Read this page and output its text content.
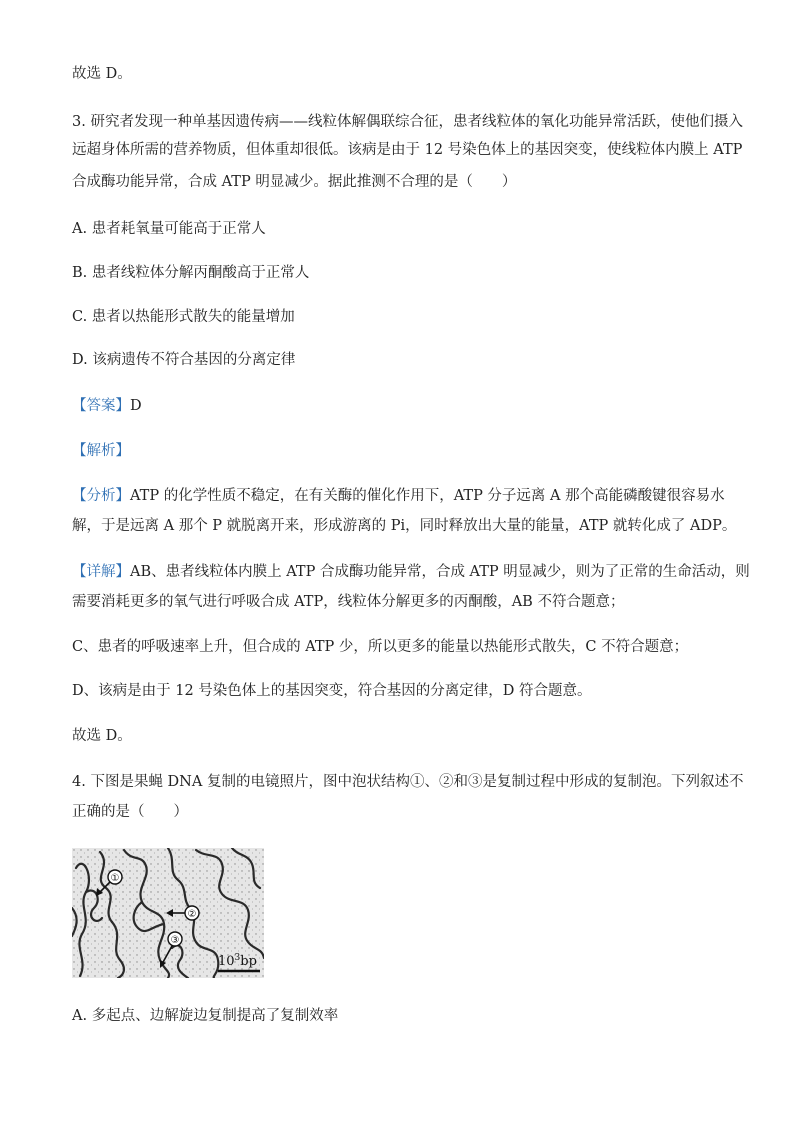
故选 D。
3. 研究者发现一种单基因遗传病——线粒体解偶联综合征，患者线粒体的氧化功能异常活跃，使他们摄入
远超身体所需的营养物质，但体重却很低。该病是由于 12 号染色体上的基因突变，使线粒体内膜上 ATP
合成酶功能异常，合成 ATP 明显减少。据此推测不合理的是（　　）
A. 患者耗氧量可能高于正常人
B. 患者线粒体分解丙酮酸高于正常人
C. 患者以热能形式散失的能量增加
D. 该病遗传不符合基因的分离定律
【答案】D
【解析】
【分析】ATP 的化学性质不稳定，在有关酶的催化作用下，ATP 分子远离 A 那个高能磷酸键很容易水
解，于是远离 A 那个 P 就脱离开来，形成游离的 Pi，同时释放出大量的能量，ATP 就转化成了 ADP。
【详解】AB、患者线粒体内膜上 ATP 合成酶功能异常，合成 ATP 明显减少，则为了正常的生命活动，则
需要消耗更多的氧气进行呼吸合成 ATP，线粒体分解更多的丙酮酸，AB 不符合题意；
C、患者的呼吸速率上升，但合成的 ATP 少，所以更多的能量以热能形式散失，C 不符合题意；
D、该病是由于 12 号染色体上的基因突变，符合基因的分离定律，D 符合题意。
故选 D。
4. 下图是果蝇 DNA 复制的电镜照片，图中泡状结构①、②和③是复制过程中形成的复制泡。下列叙述不
正确的是（　　）
①
②
③
$10^3bp$
A. 多起点、边解旋边复制提高了复制效率
